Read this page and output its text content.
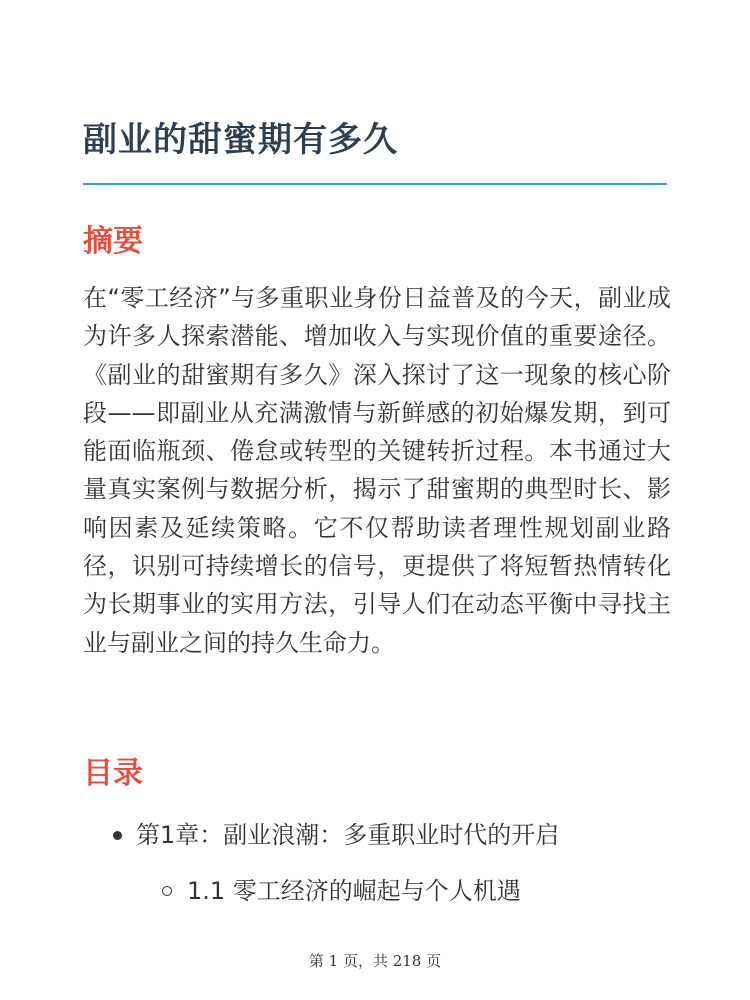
副业的甜蜜期有多久
摘要

在“零工经济”与多重职业身份日益普及的今天，副业成为许多人探索潜能、增加收入与实现价值的重要途径。《副业的甜蜜期有多久》深入探讨了这一现象的核心阶段——即副业从充满激情与新鲜感的初始爆发期，到可能面临瓶颈、倦怠或转型的关键转折过程。本书通过大量真实案例与数据分析，揭示了甜蜜期的典型时长、影响因素及延续策略。它不仅帮助读者理性规划副业路径，识别可持续增长的信号，更提供了将短暂热情转化为长期事业的实用方法，引导人们在动态平衡中寻找主业与副业之间的持久生命力。

目录
第1章：副业浪潮：多重职业时代的开启
1.1 零工经济的崛起与个人机遇
第 1 页，共 218 页
